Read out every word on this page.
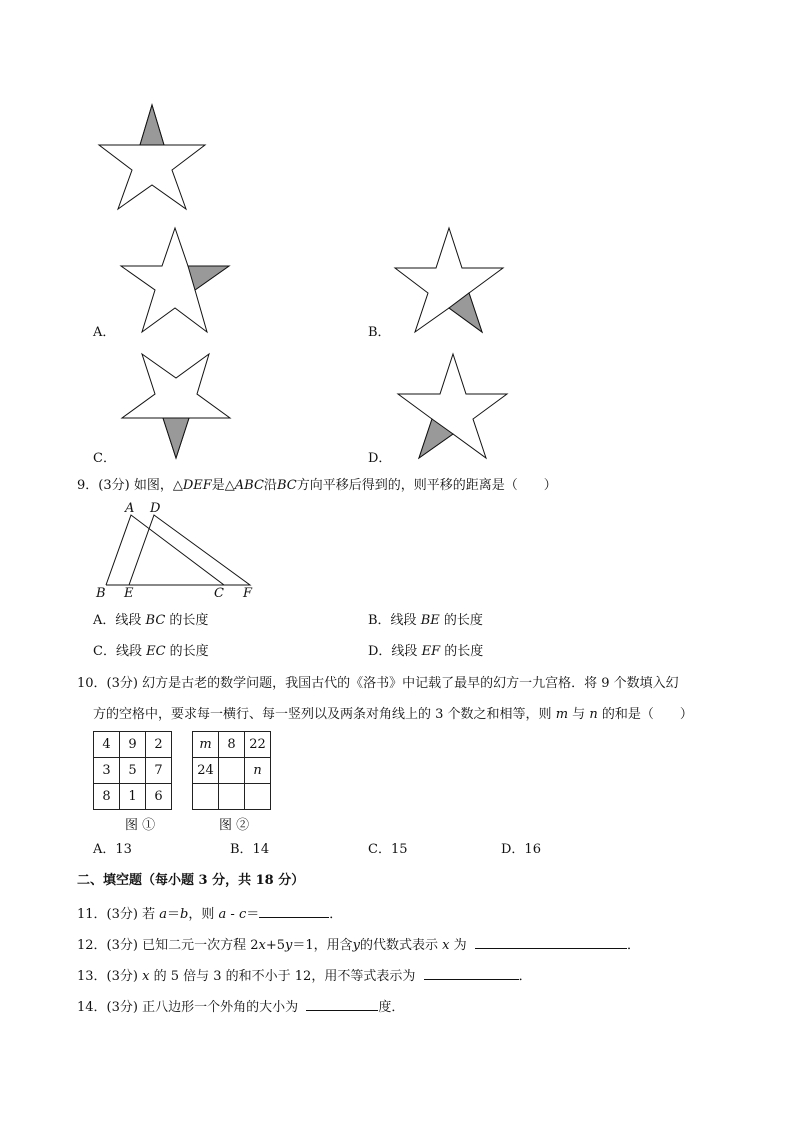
A．	B．
C．	D．
9．(3分) 如图，△DEF是△ABC沿BC方向平移后得到的，则平移的距离是（　　）
A D
B E	C F
A．线段 BC 的长度	B．线段 BE 的长度
C．线段 EC 的长度	D．线段 EF 的长度
10．(3分) 幻方是古老的数学问题，我国古代的《洛书》中记载了最早的幻方一九宫格．将 9 个数填入幻
方的空格中，要求每一横行、每一竖列以及两条对角线上的 3 个数之和相等，则 m 与 n 的和是（　　）
4	9	2
3	5	7
8	1	6
m	8	22
24		n

图 ①	图 ②
A．13	B．14	C．15	D．16
二、填空题（每小题 3 分，共 18 分）
11．(3分) 若 a＝b，则 a - c＝	．
12．(3分) 已知二元一次方程 2x+5y＝1，用含y的代数式表示 x 为	．
13．(3分) x 的 5 倍与 3 的和不小于 12，用不等式表示为	．
14．(3分) 正八边形一个外角的大小为	度．
